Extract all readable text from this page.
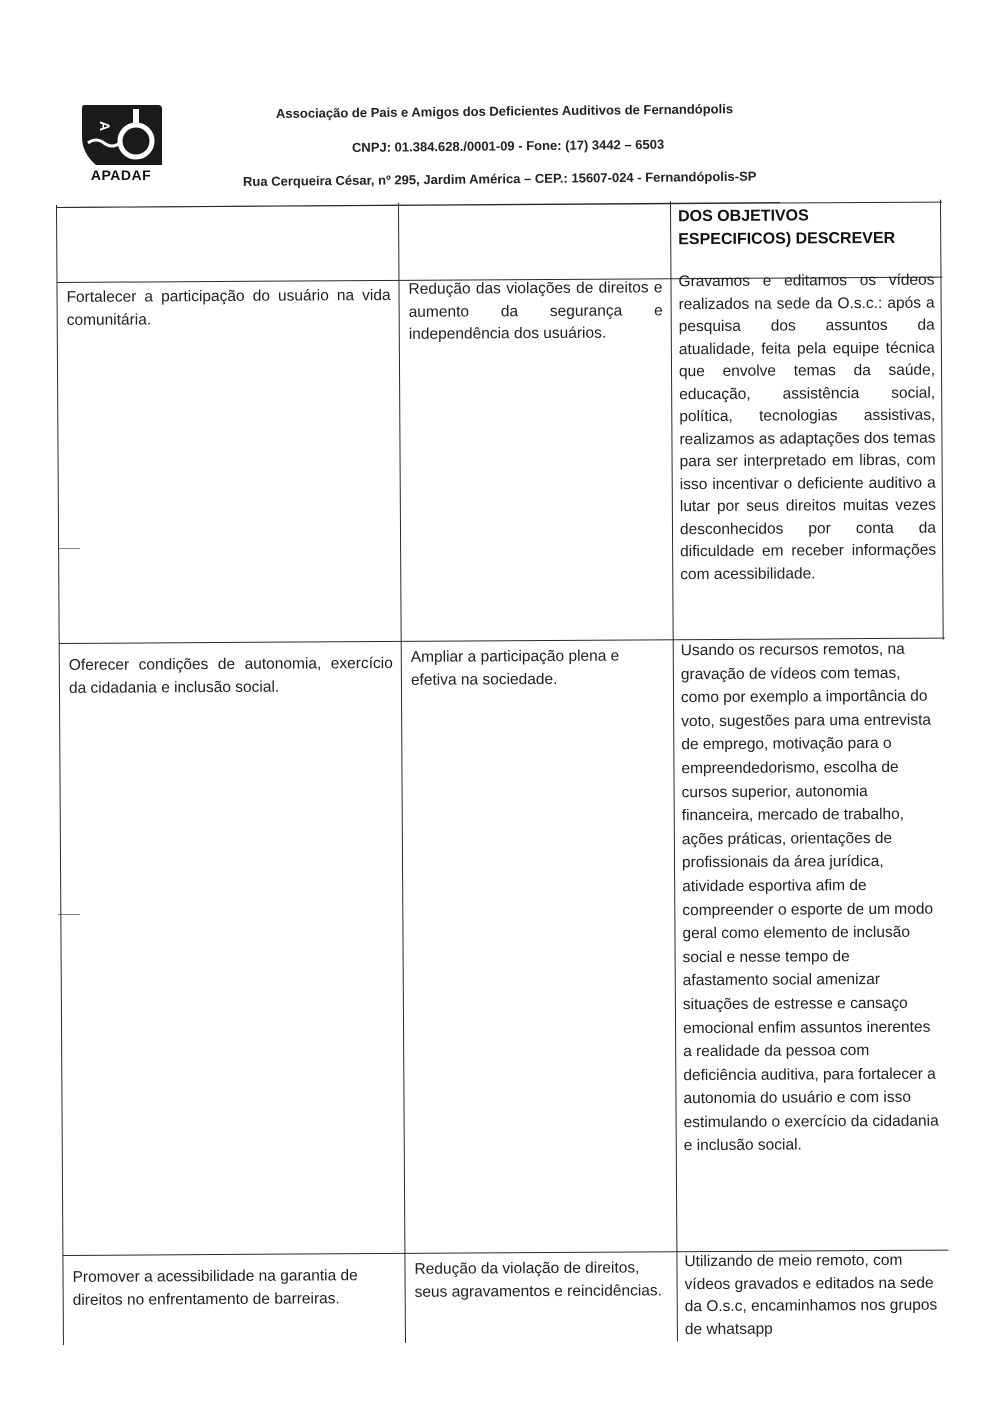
A
APADAF
Associação de Pais e Amigos dos Deficientes Auditivos de Fernandópolis
CNPJ: 01.384.628./0001-09 - Fone: (17) 3442 – 6503
Rua Cerqueira César, nº 295, Jardim América – CEP.: 15607-024 - Fernandópolis-SP
DOS OBJETIVOS
ESPECIFICOS) DESCREVER
Fortalecer a participação do usuário na vida comunitária.
Redução das violações de direitos e aumento da segurança e independência dos usuários.
Gravamos e editamos os vídeos realizados na sede da O.s.c.: após a pesquisa dos assuntos da atualidade, feita pela equipe técnica que envolve temas da saúde, educação, assistência social, política, tecnologias assistivas, realizamos as adaptações dos temas para ser interpretado em libras, com isso incentivar o deficiente auditivo a lutar por seus direitos muitas vezes desconhecidos por conta da dificuldade em receber informações com acessibilidade.
Oferecer condições de autonomia, exercício da cidadania e inclusão social.
Ampliar a participação plena e efetiva na sociedade.
Usando os recursos remotos, na gravação de vídeos com temas, como por exemplo a importância do voto, sugestões para uma entrevista de emprego, motivação para o empreendedorismo, escolha de cursos superior, autonomia financeira, mercado de trabalho, ações práticas, orientações de profissionais da área jurídica, atividade esportiva afim de compreender o esporte de um modo geral como elemento de inclusão social e nesse tempo de afastamento social amenizar situações de estresse e cansaço emocional enfim assuntos inerentes a realidade da pessoa com deficiência auditiva, para fortalecer a autonomia do usuário e com isso estimulando o exercício da cidadania e inclusão social.
Promover a acessibilidade na garantia de direitos no enfrentamento de barreiras.
Redução da violação de direitos, seus agravamentos e reincidências.
Utilizando de meio remoto, com vídeos gravados e editados na sede da O.s.c, encaminhamos nos grupos de whatsapp
